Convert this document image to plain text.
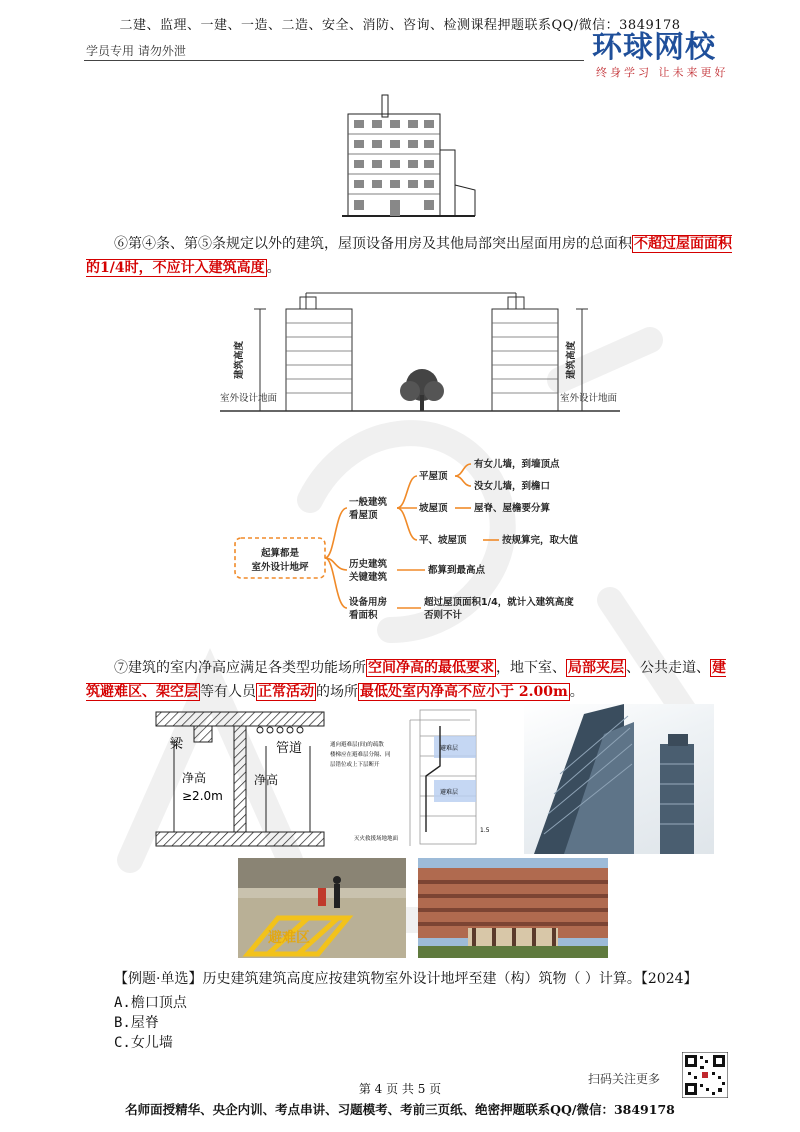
二建、监理、一建、一造、二造、安全、消防、咨询、检测课程押题联系QQ/微信：3849178
学员专用 请勿外泄	环球网校
终身学习 让未来更好
⑥第④条、第⑤条规定以外的建筑，屋顶设备用房及其他局部突出屋面用房的总面积 不超过屋面面积的1/4时，不应计入建筑高度 。
建筑高度	建筑高度
室外设计地面	室外设计地面
起算都是
室外设计地坪
一般建筑
看屋顶
平屋顶
有女儿墙，到墙顶点
没女儿墙，到檐口
坡屋顶	屋脊、屋檐要分算
平、坡屋顶	按规算完，取大值
历史建筑
关键建筑
都算到最高点
设备用房
看面积
超过屋顶面积1/4，就计入建筑高度
否则不计
⑦建筑的室内净高应满足各类型功能场所 空间净高的最低要求 ，地下室、 局部夹层 、公共走道、 建筑避难区、架空层 等有人员 正常活动 的场所 最低处室内净高不应小于 2.00m 。
梁	管道
净高
≥2.0m
净高
避难层
避难层
通向避难层(间)的疏散
楼梯应在避难层分隔、同
层错位或上下层断开
灭火救援场地地面
1.5
避难区
【例题·单选】历史建筑建筑高度应按建筑物室外设计地坪至建（构）筑物（ ）计算。【2024】
A.檐口顶点
B.屋脊
C.女儿墙
扫码关注更多
第 4 页 共 5 页
名师面授精华、央企内训、考点串讲、习题模考、考前三页纸、绝密押题联系QQ/微信：3849178
